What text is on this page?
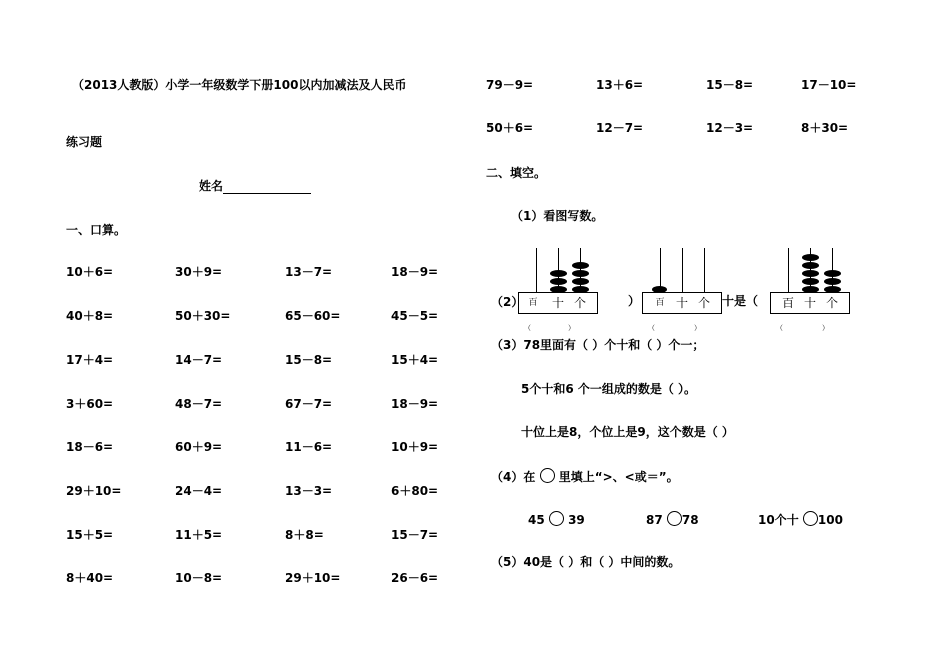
（2013人教版）小学一年级数学下册100以内加减法及人民币
练习题
姓名
一、口算。
10＋6=	30＋9=	13－7=	18－9=
40＋8=	50＋30=	65－60=	45－5=
17＋4=	14－7=	15－8=	15＋4=
3＋60=	48－7=	67－7=	18－9=
18－6=	60＋9=	11－6=	10＋9=
29＋10=	24－4=	13－3=	6＋80=
15＋5=	11＋5=	8＋8=	15－7=
8＋40=	10－8=	29＋10=	26－6=
79－9=	13＋6=	15－8=	17－10=
50＋6=	12－7=	12－3=	8＋30=
二、填空。
（1）看图写数。
百	十 个
（	）
百 十 个
（	）
百 十 个
（	）
（2）	）	十是（
（3）78里面有（ ）个十和（ ）个一；
5个十和6 个一组成的数是（ ）。
十位上是8，个位上是9，这个数是（ ）
（4）在 里填上“>、<或＝”。
45 39	87 78	10个十 100
（5）40是（ ）和（ ）中间的数。
